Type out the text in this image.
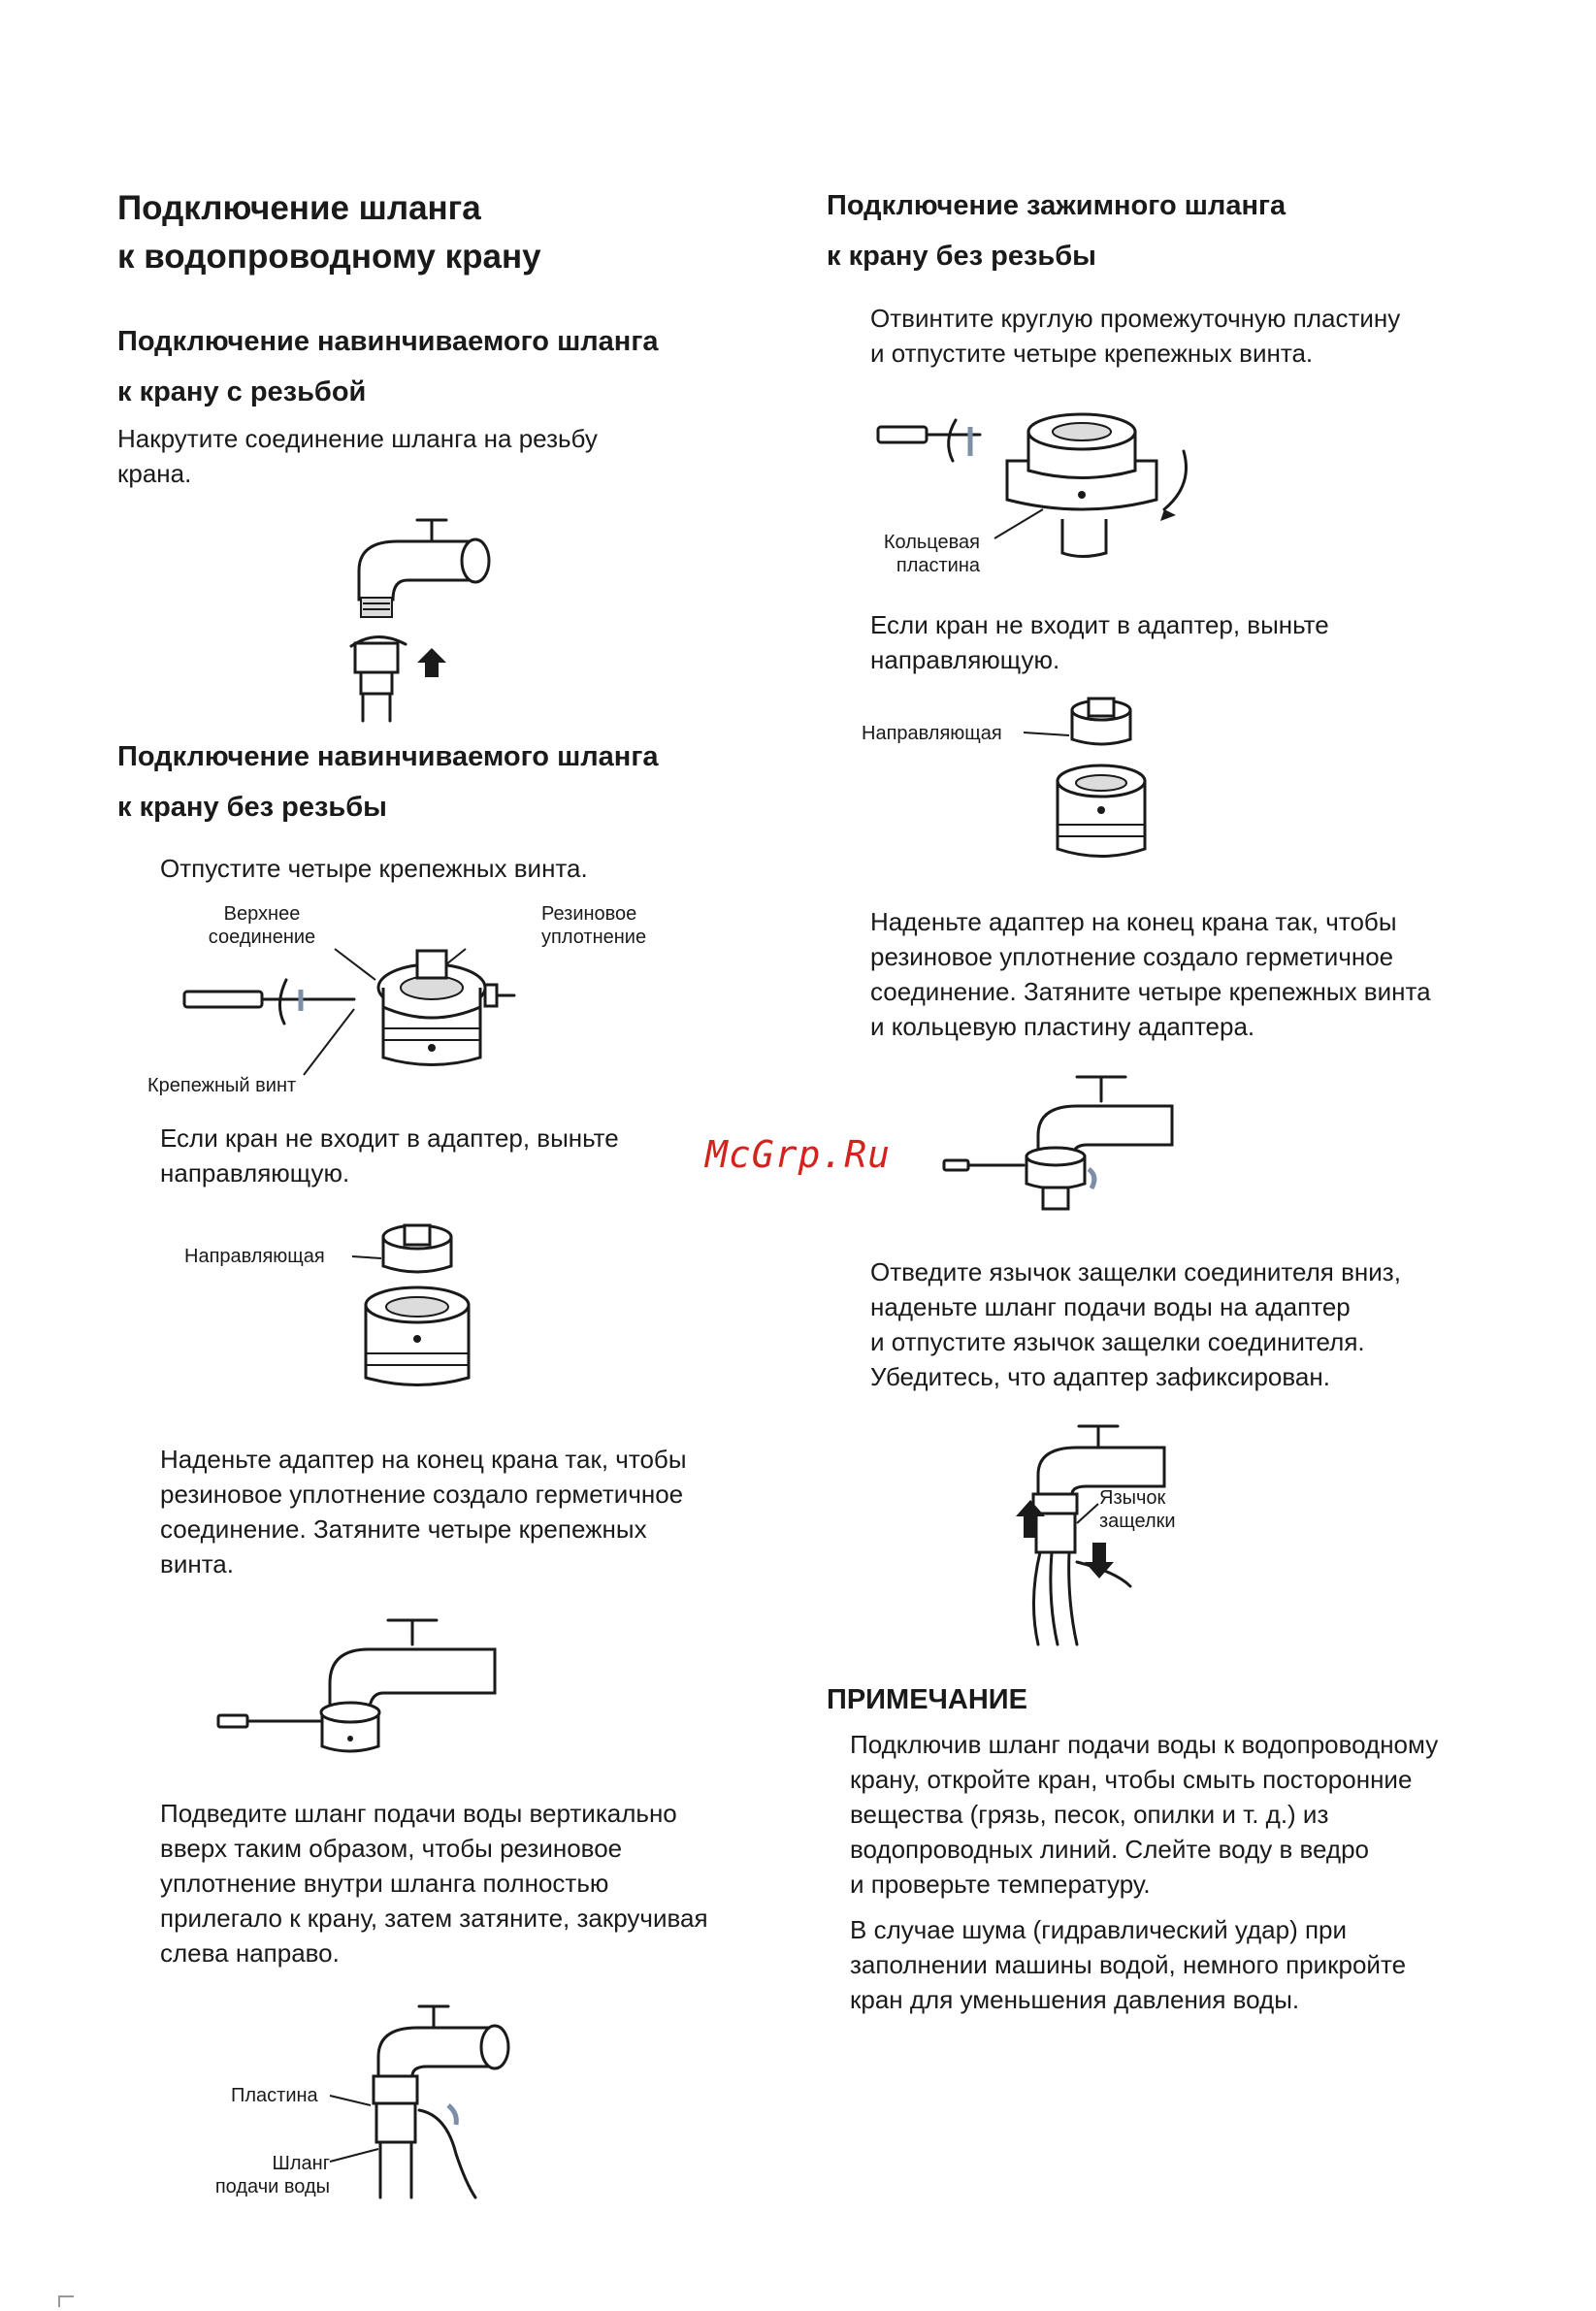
Подключение шланга

к водопроводному крану

Подключение навинчиваемого шланга

к крану с резьбой

Накрутите соединение шланга на резьбу

крана.

Подключение навинчиваемого шланга

к крану без резьбы

Отпустите четыре крепежных винта.

Верхнее

соединение

Резиновое

уплотнение

Крепежный винт

Если кран не входит в адаптер, выньте

направляющую.

Направляющая

Наденьте адаптер на конец крана так, чтобы

резиновое уплотнение создало герметичное

соединение. Затяните четыре крепежных

винта.

Подведите шланг подачи воды вертикально

вверх таким образом, чтобы резиновое

уплотнение внутри шланга полностью

прилегало к крану, затем затяните, закручивая

слева направо.

Пластина

Шланг

подачи воды

Подключение зажимного шланга

к крану без резьбы

Отвинтите круглую промежуточную пластину

и отпустите четыре крепежных винта.

Кольцевая

пластина

Если кран не входит в адаптер, выньте

направляющую.

Направляющая

Наденьте адаптер на конец крана так, чтобы

резиновое уплотнение создало герметичное

соединение. Затяните четыре крепежных винта

и кольцевую пластину адаптера.

Отведите язычок защелки соединителя вниз,

наденьте шланг подачи воды на адаптер

и отпустите язычок защелки соединителя.

Убедитесь, что адаптер зафиксирован.

Язычок

защелки

ПРИМЕЧАНИЕ

Подключив шланг подачи воды к водопроводному

крану, откройте кран, чтобы смыть посторонние

вещества (грязь, песок, опилки и т. д.) из

водопроводных линий. Слейте воду в ведро

и проверьте температуру.

В случае шума (гидравлический удар) при

заполнении машины водой, немного прикройте

кран для уменьшения давления воды.

McGrp.Ru
